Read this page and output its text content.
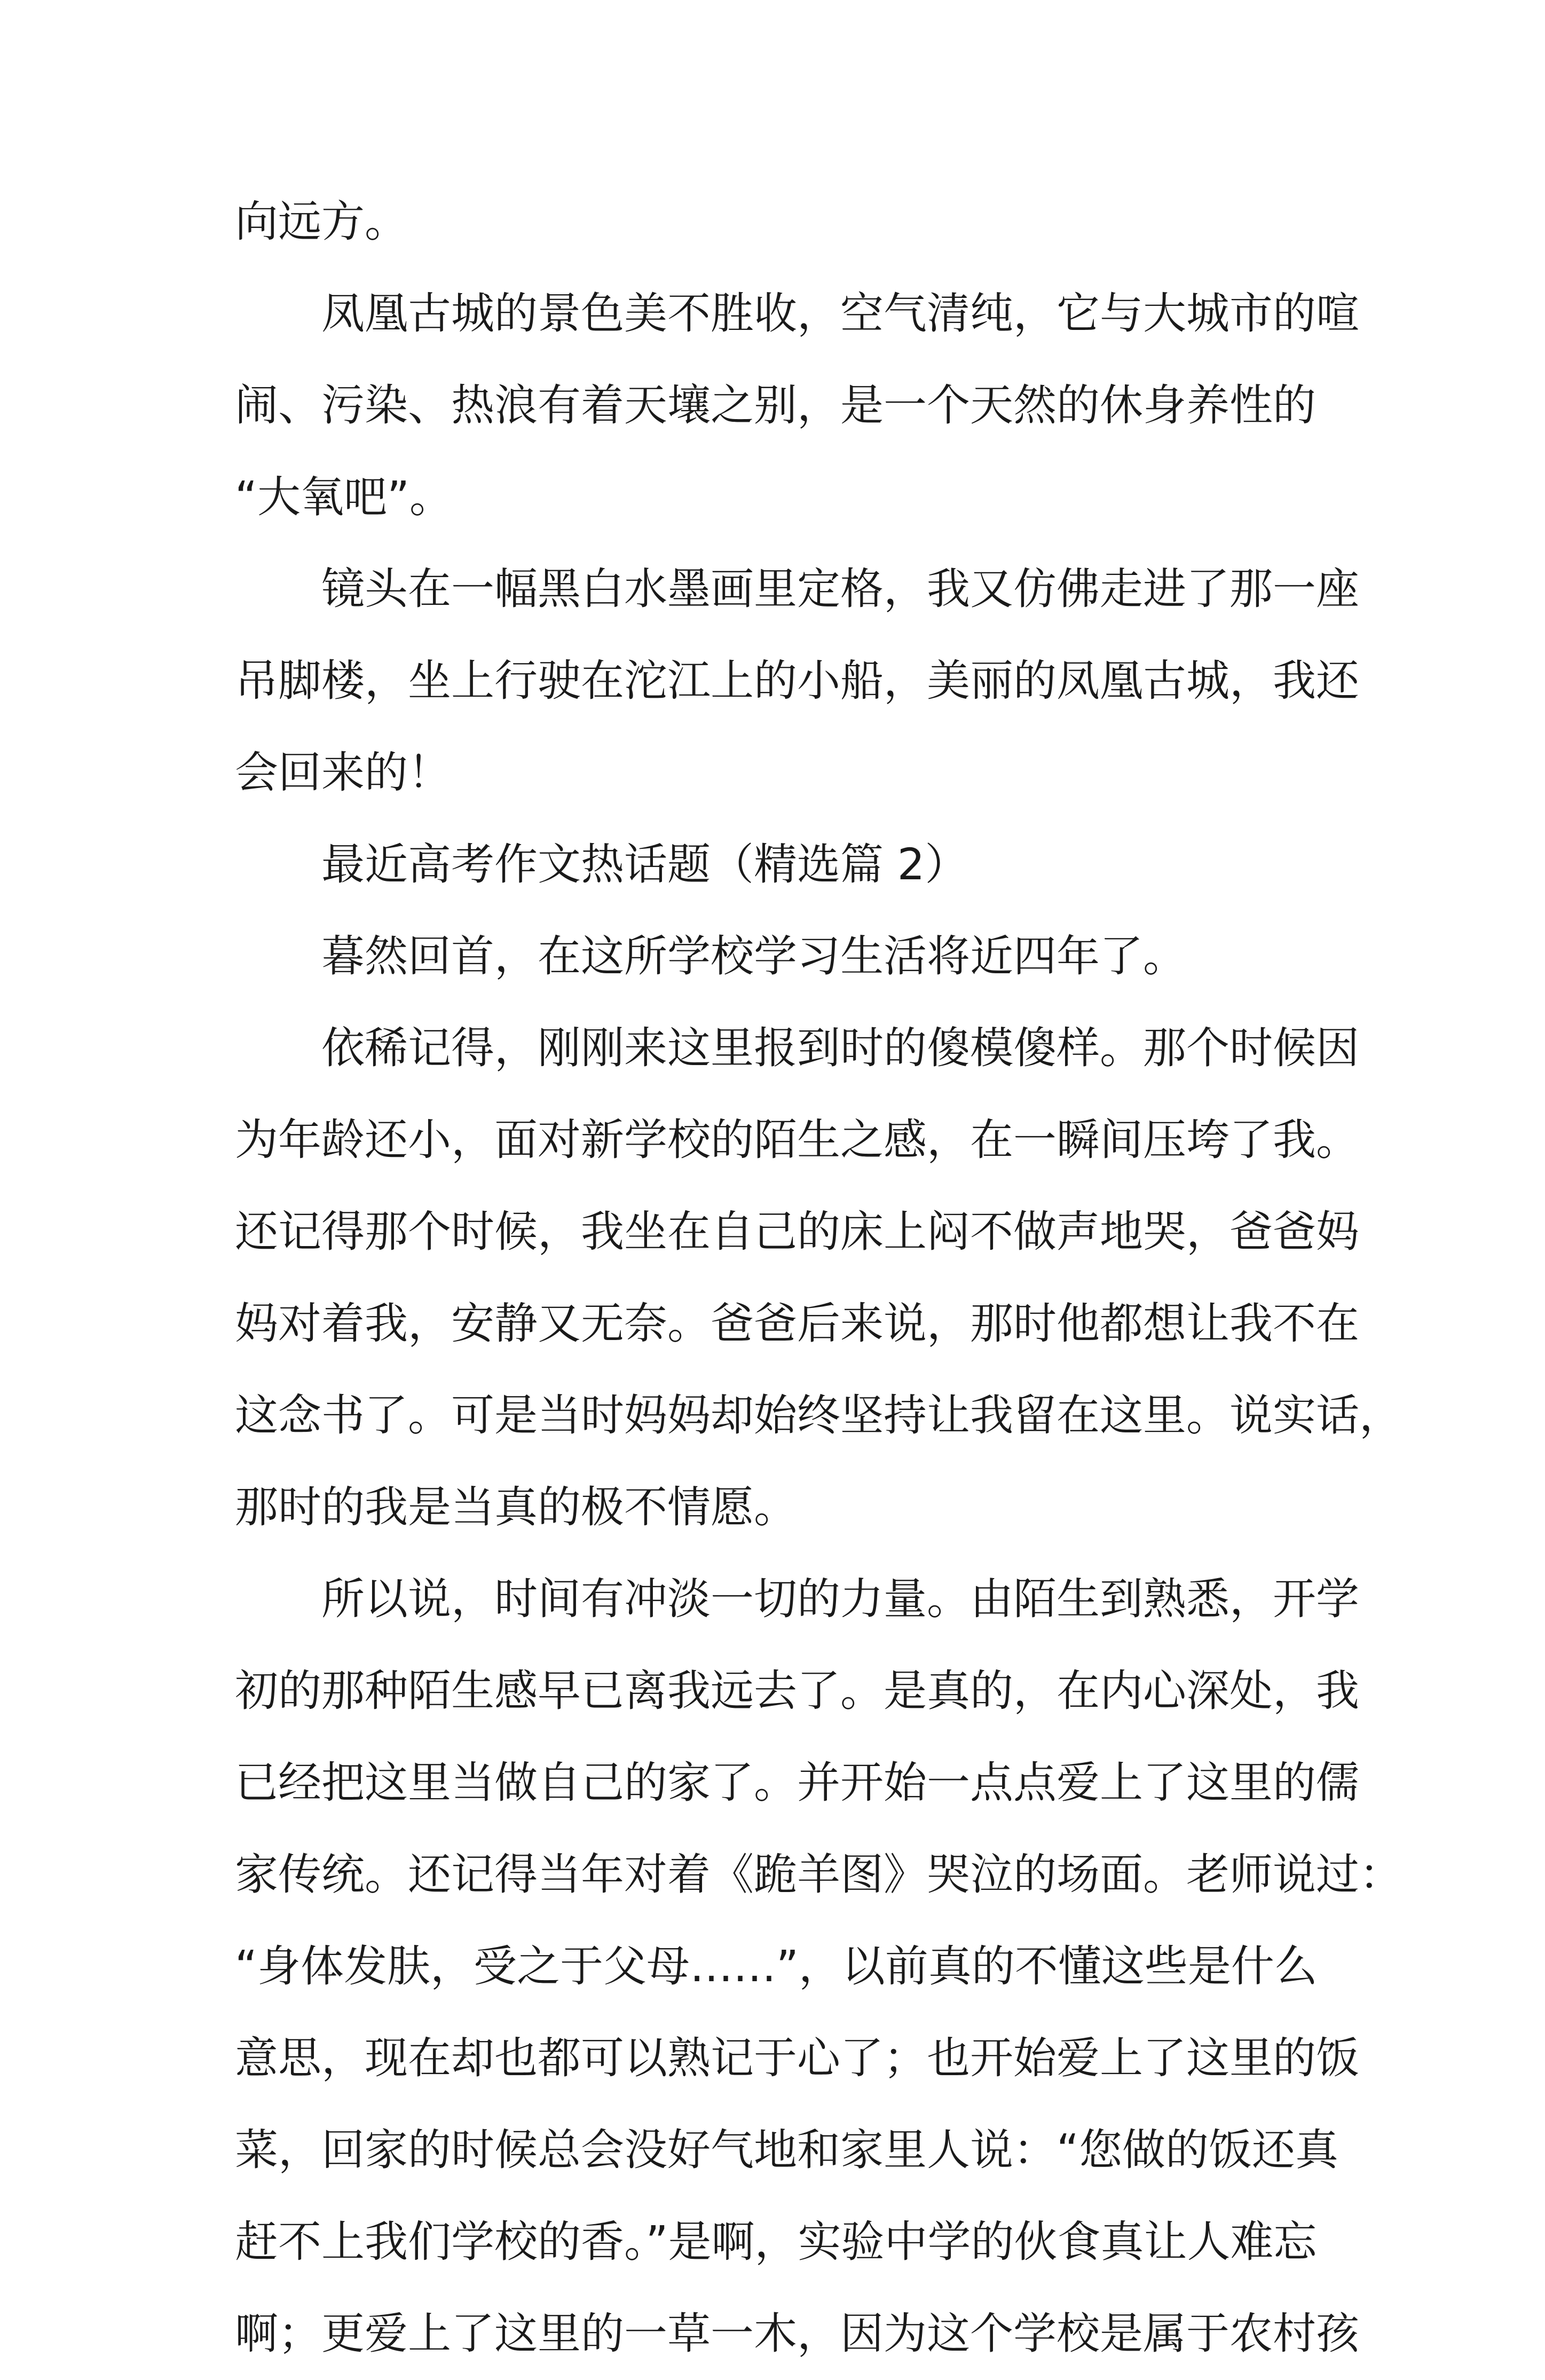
向远方。
凤凰古城的景色美不胜收，空气清纯，它与大城市的喧
闹、污染、热浪有着天壤之别，是一个天然的休身养性的
“大氧吧”。
镜头在一幅黑白水墨画里定格，我又仿佛走进了那一座
吊脚楼，坐上行驶在沱江上的小船，美丽的凤凰古城，我还
会回来的！
最近高考作文热话题（精选篇 2）
暮然回首，在这所学校学习生活将近四年了。
依稀记得，刚刚来这里报到时的傻模傻样。那个时候因
为年龄还小，面对新学校的陌生之感，在一瞬间压垮了我。
还记得那个时候，我坐在自己的床上闷不做声地哭，爸爸妈
妈对着我，安静又无奈。爸爸后来说，那时他都想让我不在
这念书了。可是当时妈妈却始终坚持让我留在这里。说实话，
那时的我是当真的极不情愿。
所以说，时间有冲淡一切的力量。由陌生到熟悉，开学
初的那种陌生感早已离我远去了。是真的，在内心深处，我
已经把这里当做自己的家了。并开始一点点爱上了这里的儒
家传统。还记得当年对着《跪羊图》哭泣的场面。老师说过：
“身体发肤，受之于父母……”，以前真的不懂这些是什么
意思，现在却也都可以熟记于心了；也开始爱上了这里的饭
菜，回家的时候总会没好气地和家里人说：“您做的饭还真
赶不上我们学校的香。”是啊，实验中学的伙食真让人难忘
啊；更爱上了这里的一草一木，因为这个学校是属于农村孩
